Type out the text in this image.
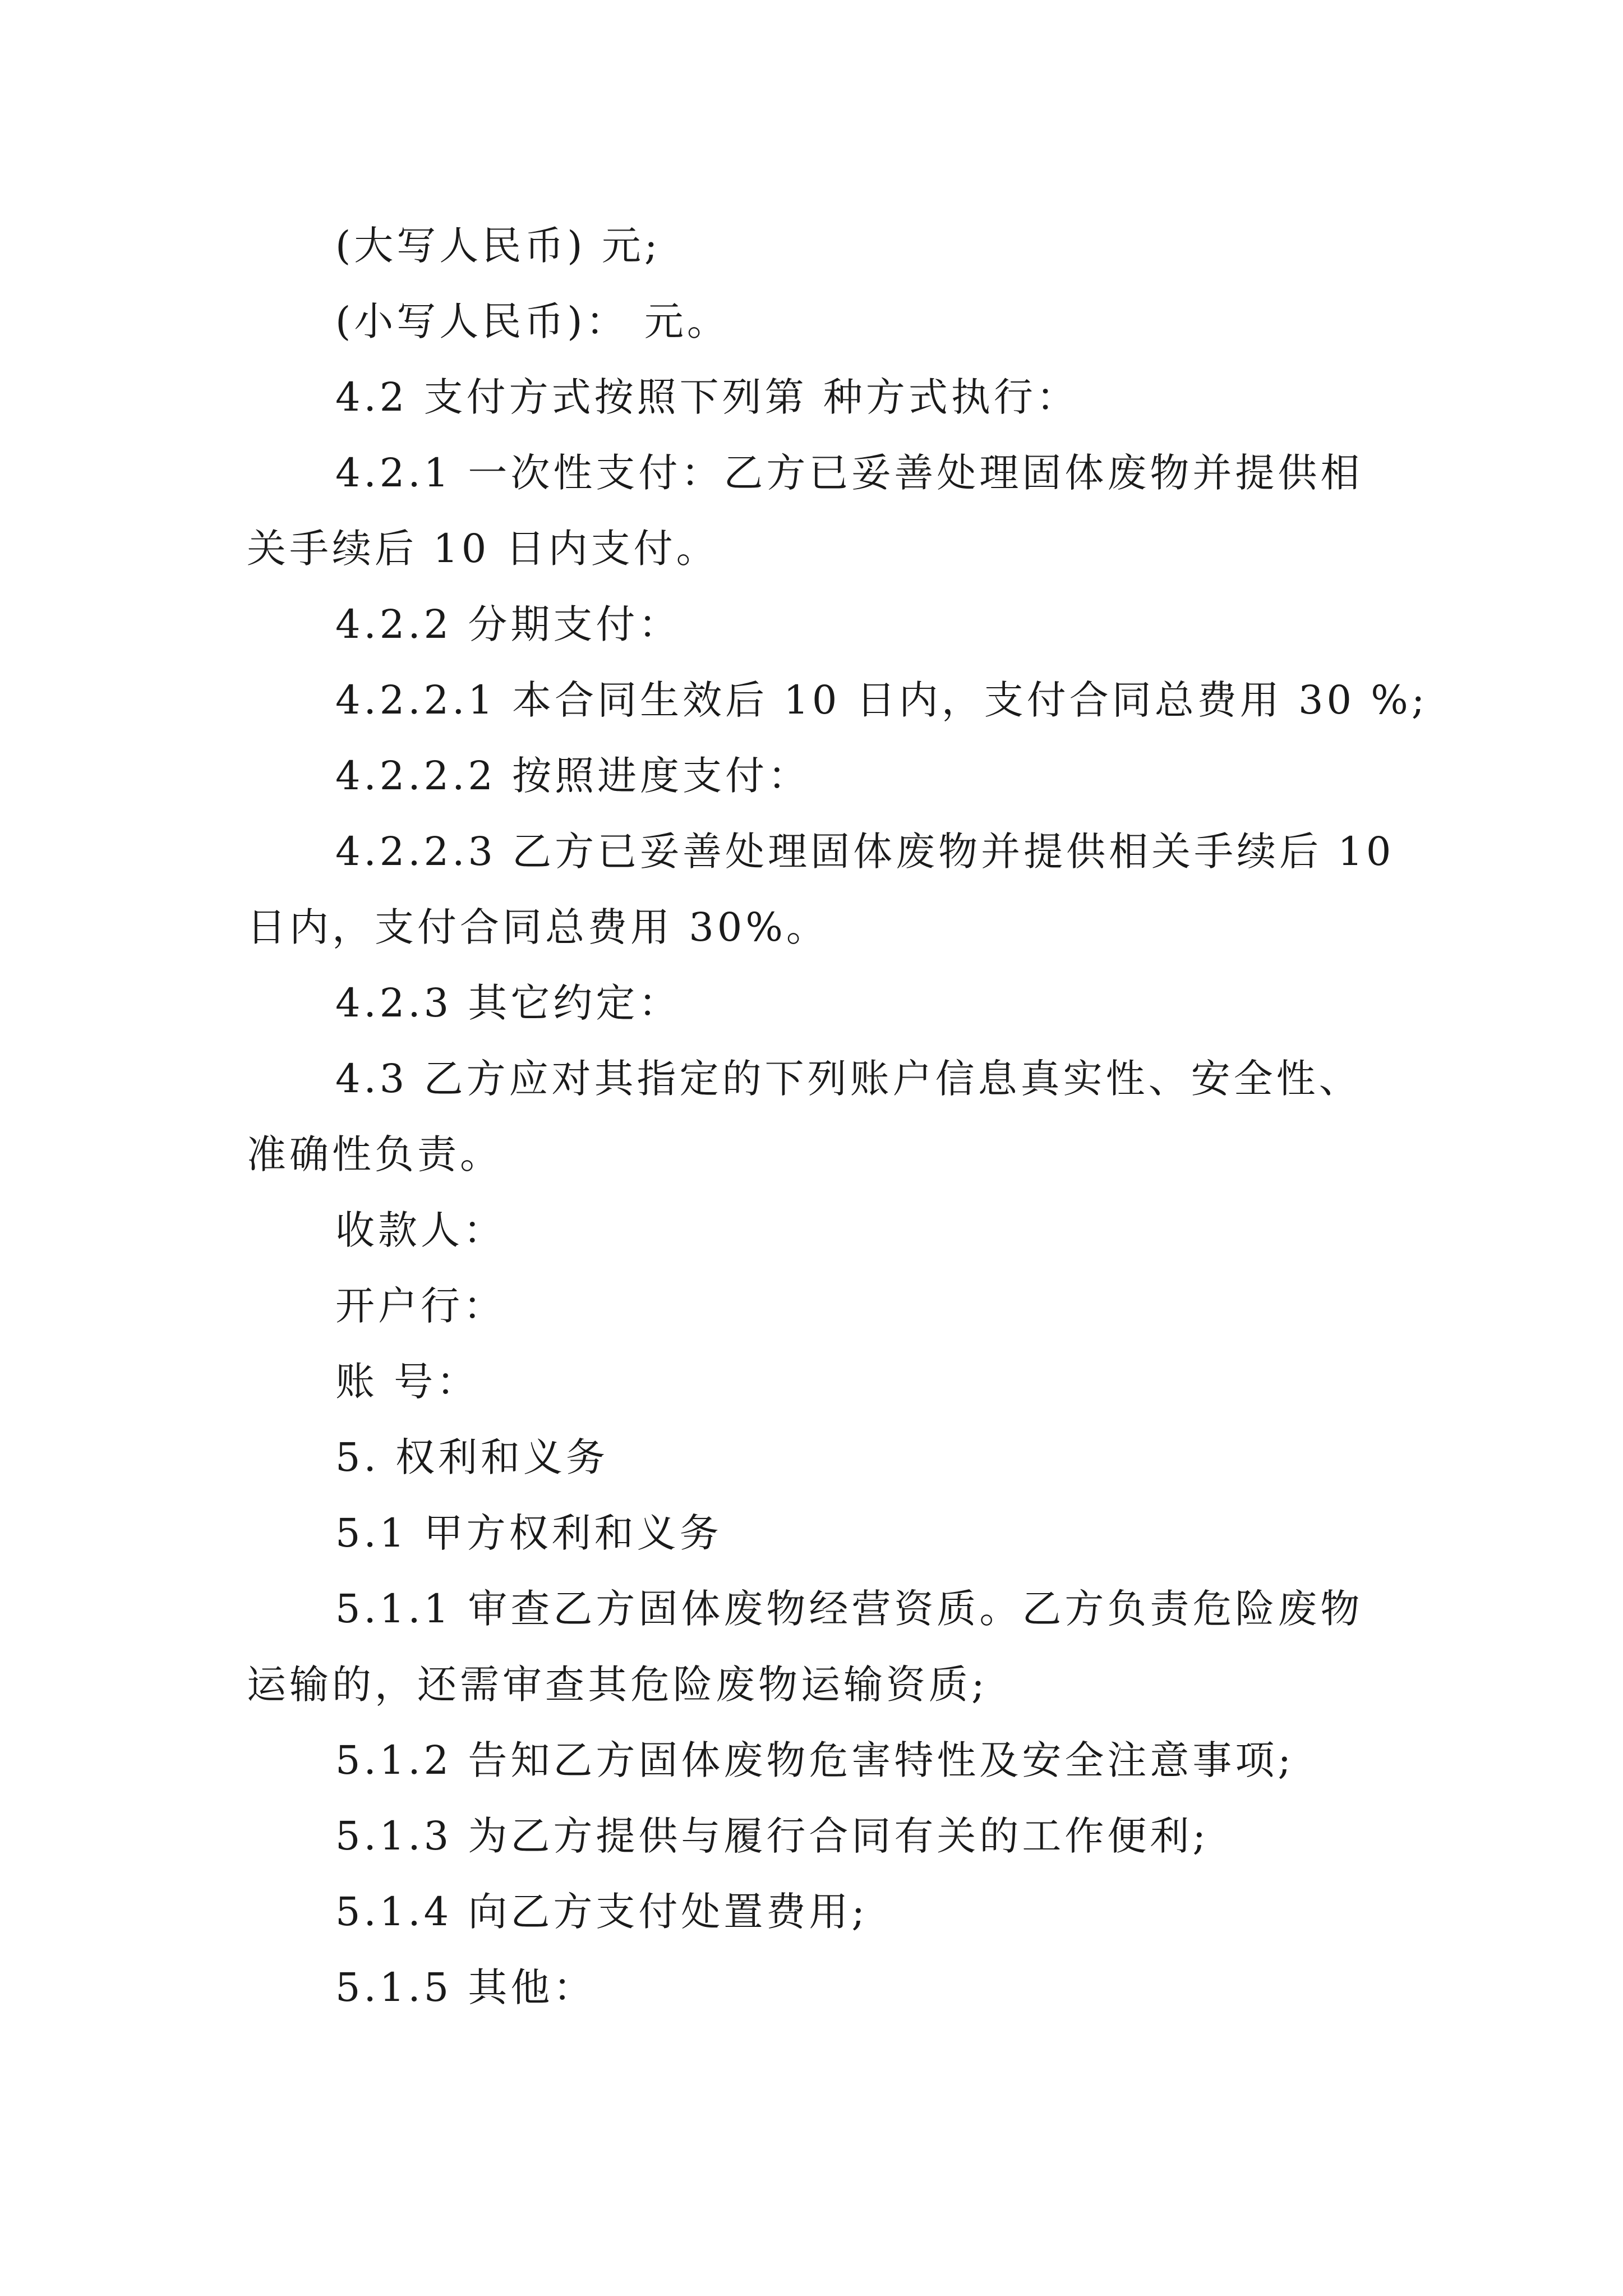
(大写人民币) 元;
(小写人民币)： 元。
4.2 支付方式按照下列第 种方式执行：
4.2.1 一次性支付：乙方已妥善处理固体废物并提供相
关手续后 10 日内支付。
4.2.2 分期支付：
4.2.2.1 本合同生效后 10 日内，支付合同总费用 30 %;
4.2.2.2 按照进度支付：
4.2.2.3 乙方已妥善处理固体废物并提供相关手续后 10
日内，支付合同总费用 30%。
4.2.3 其它约定：
4.3 乙方应对其指定的下列账户信息真实性、安全性、
准确性负责。
收款人：
开户行：
账 号：
5. 权利和义务
5.1 甲方权利和义务
5.1.1 审查乙方固体废物经营资质。乙方负责危险废物
运输的，还需审查其危险废物运输资质;
5.1.2 告知乙方固体废物危害特性及安全注意事项;
5.1.3 为乙方提供与履行合同有关的工作便利;
5.1.4 向乙方支付处置费用;
5.1.5 其他：
